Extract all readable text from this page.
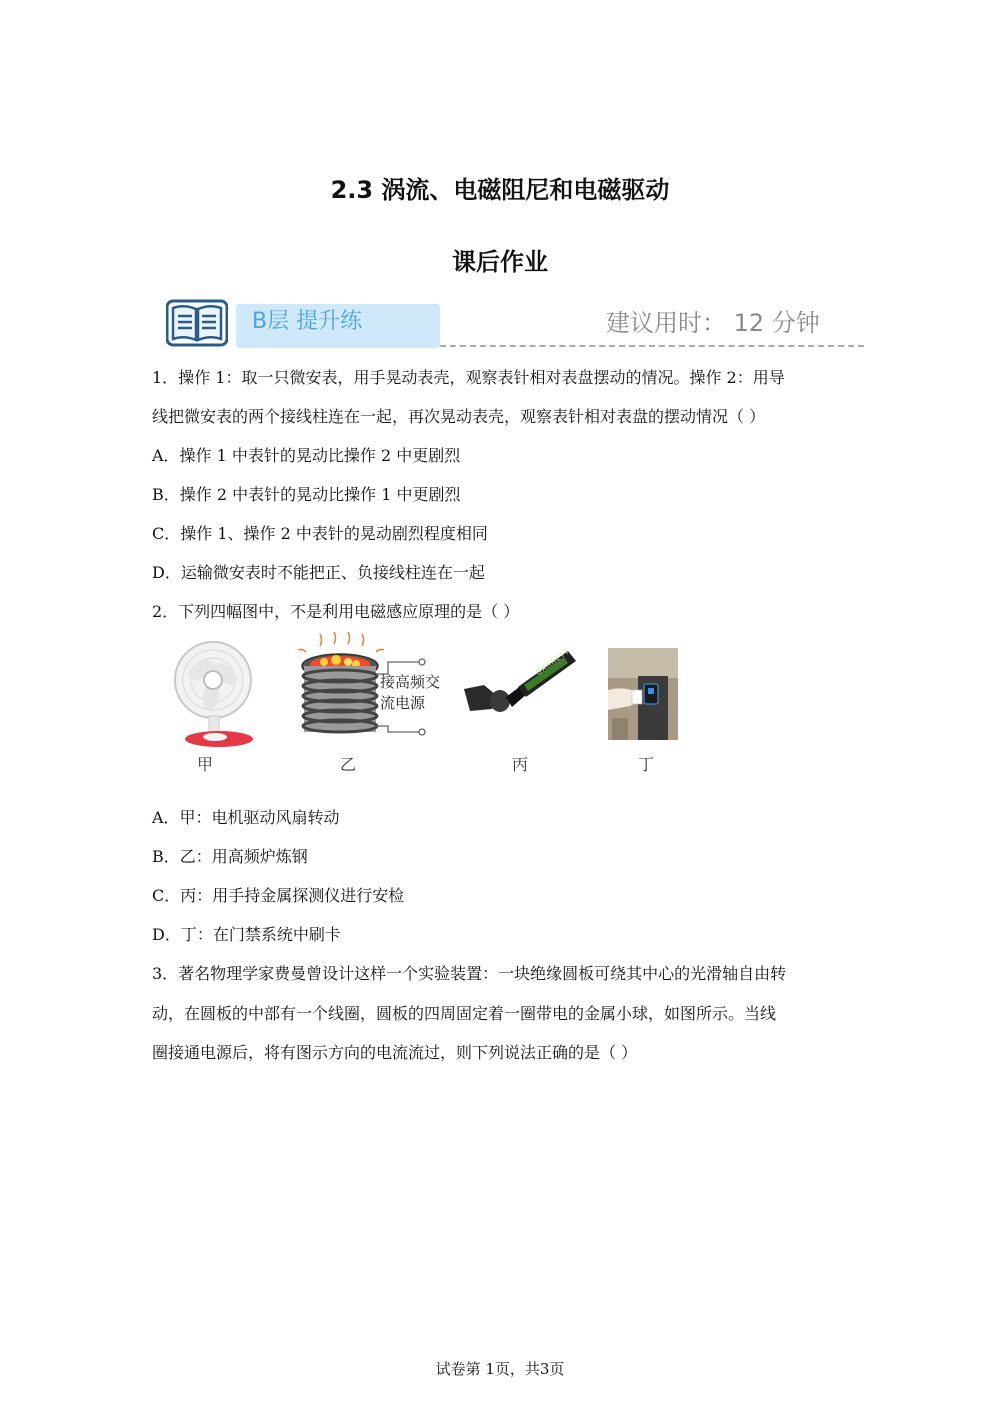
2.3 涡流、电磁阻尼和电磁驱动
课后作业
B层 提升练	建议用时： 12 分钟
1．操作 1：取一只微安表，用手晃动表壳，观察表针相对表盘摆动的情况。操作 2：用导
线把微安表的两个接线柱连在一起，再次晃动表壳，观察表针相对表盘的摆动情况（ ）
A．操作 1 中表针的晃动比操作 2 中更剧烈
B．操作 2 中表针的晃动比操作 1 中更剧烈
C．操作 1、操作 2 中表针的晃动剧烈程度相同
D．运输微安表时不能把正、负接线柱连在一起
2．下列四幅图中，不是利用电磁感应原理的是（ ）
甲
接高频交
流电源
乙
GARRETT
丙	丁
A．甲：电机驱动风扇转动
B．乙：用高频炉炼钢
C．丙：用手持金属探测仪进行安检
D．丁：在门禁系统中刷卡
3．著名物理学家费曼曾设计这样一个实验装置：一块绝缘圆板可绕其中心的光滑轴自由转
动，在圆板的中部有一个线圈，圆板的四周固定着一圈带电的金属小球，如图所示。当线
圈接通电源后，将有图示方向的电流流过，则下列说法正确的是（ ）
试卷第 1页，共3页
